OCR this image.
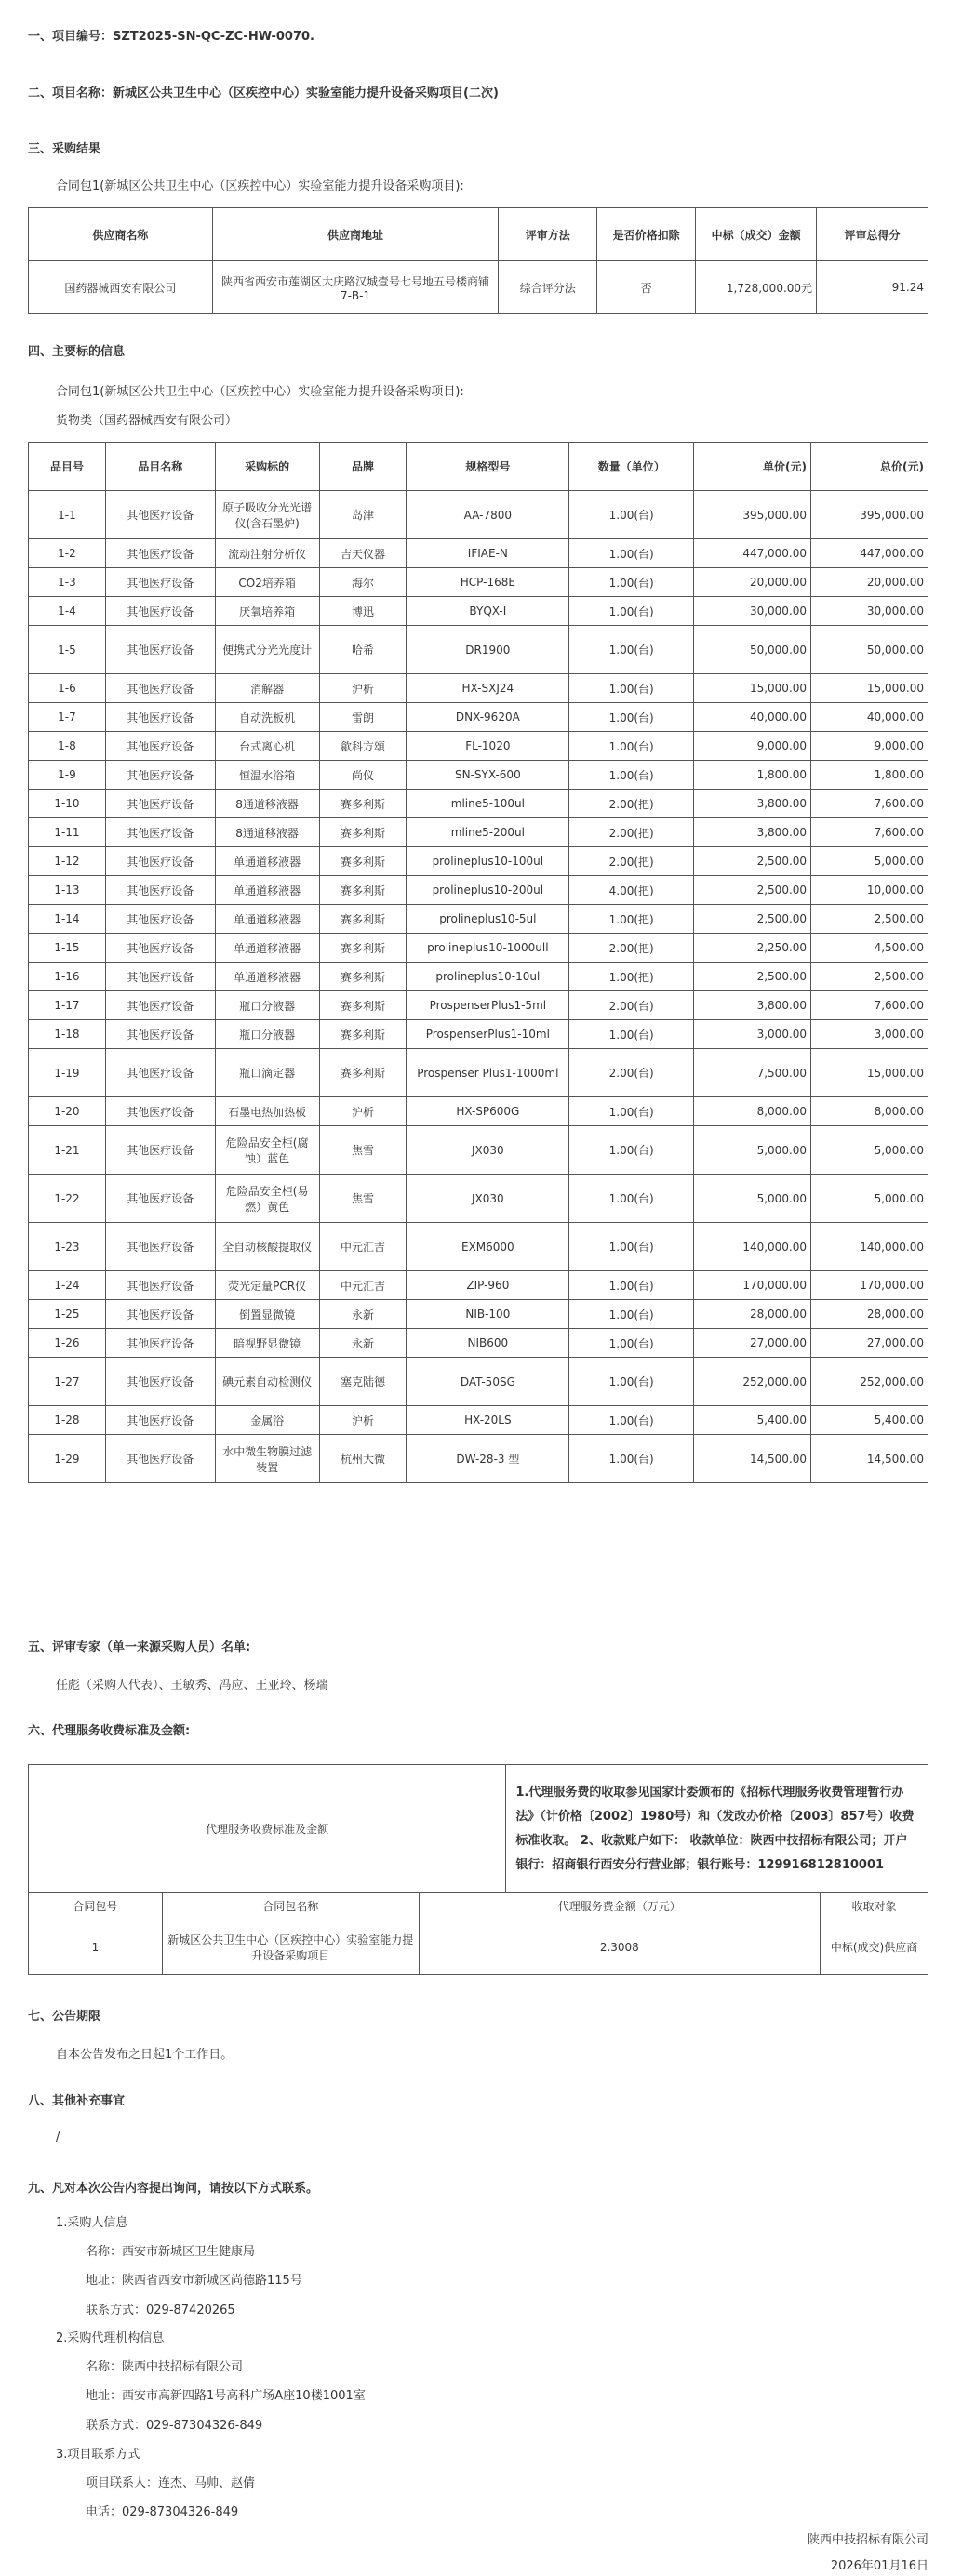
一、项目编号：SZT2025-SN-QC-ZC-HW-0070.
二、项目名称：新城区公共卫生中心（区疾控中心）实验室能力提升设备采购项目(二次)
三、采购结果
合同包1(新城区公共卫生中心（区疾控中心）实验室能力提升设备采购项目):
供应商名称	供应商地址	评审方法	是否价格扣除	中标（成交）金额	评审总得分
国药器械西安有限公司	陕西省西安市莲湖区大庆路汉城壹号七号地五号楼商铺7-B-1	综合评分法	否	1,728,000.00元	91.24
四、主要标的信息
合同包1(新城区公共卫生中心（区疾控中心）实验室能力提升设备采购项目):
货物类（国药器械西安有限公司）
品目号	品目名称	采购标的	品牌	规格型号	数量（单位）	单价(元)	总价(元)
1-1	其他医疗设备	原子吸收分光光谱仪(含石墨炉)	岛津	AA-7800	1.00(台)	395,000.00	395,000.00
1-2	其他医疗设备	流动注射分析仪	吉天仪器	IFIAE-N	1.00(台)	447,000.00	447,000.00
1-3	其他医疗设备	CO2培养箱	海尔	HCP-168E	1.00(台)	20,000.00	20,000.00
1-4	其他医疗设备	厌氧培养箱	博迅	BYQX-I	1.00(台)	30,000.00	30,000.00
1-5	其他医疗设备	便携式分光光度计	哈希	DR1900	1.00(台)	50,000.00	50,000.00
1-6	其他医疗设备	消解器	沪析	HX-SXJ24	1.00(台)	15,000.00	15,000.00
1-7	其他医疗设备	自动洗板机	雷朗	DNX-9620A	1.00(台)	40,000.00	40,000.00
1-8	其他医疗设备	台式离心机	歙科方頌	FL-1020	1.00(台)	9,000.00	9,000.00
1-9	其他医疗设备	恒温水浴箱	尚仪	SN-SYX-600	1.00(台)	1,800.00	1,800.00
1-10	其他医疗设备	8通道移液器	赛多利斯	mline5-100ul	2.00(把)	3,800.00	7,600.00
1-11	其他医疗设备	8通道移液器	赛多利斯	mline5-200ul	2.00(把)	3,800.00	7,600.00
1-12	其他医疗设备	单通道移液器	赛多利斯	prolineplus10-100ul	2.00(把)	2,500.00	5,000.00
1-13	其他医疗设备	单通道移液器	赛多利斯	prolineplus10-200ul	4.00(把)	2,500.00	10,000.00
1-14	其他医疗设备	单通道移液器	赛多利斯	prolineplus10-5ul	1.00(把)	2,500.00	2,500.00
1-15	其他医疗设备	单通道移液器	赛多利斯	prolineplus10-1000ull	2.00(把)	2,250.00	4,500.00
1-16	其他医疗设备	单通道移液器	赛多利斯	prolineplus10-10ul	1.00(把)	2,500.00	2,500.00
1-17	其他医疗设备	瓶口分液器	赛多利斯	ProspenserPlus1-5ml	2.00(台)	3,800.00	7,600.00
1-18	其他医疗设备	瓶口分液器	赛多利斯	ProspenserPlus1-10ml	1.00(台)	3,000.00	3,000.00
1-19	其他医疗设备	瓶口滴定器	赛多利斯	Prospenser Plus1-1000ml	2.00(台)	7,500.00	15,000.00
1-20	其他医疗设备	石墨电热加热板	沪析	HX-SP600G	1.00(台)	8,000.00	8,000.00
1-21	其他医疗设备	危险品安全柜(腐蚀）蓝色	焦雪	JX030	1.00(台)	5,000.00	5,000.00
1-22	其他医疗设备	危险品安全柜(易燃）黄色	焦雪	JX030	1.00(台)	5,000.00	5,000.00
1-23	其他医疗设备	全自动核酸提取仪	中元汇吉	EXM6000	1.00(台)	140,000.00	140,000.00
1-24	其他医疗设备	荧光定量PCR仪	中元汇吉	ZIP-960	1.00(台)	170,000.00	170,000.00
1-25	其他医疗设备	倒置显微镜	永新	NIB-100	1.00(台)	28,000.00	28,000.00
1-26	其他医疗设备	暗视野显微镜	永新	NIB600	1.00(台)	27,000.00	27,000.00
1-27	其他医疗设备	碘元素自动检测仪	塞克陆德	DAT-50SG	1.00(台)	252,000.00	252,000.00
1-28	其他医疗设备	金属浴	沪析	HX-20LS	1.00(台)	5,400.00	5,400.00
1-29	其他医疗设备	水中微生物膜过滤装置	杭州大微	DW-28-3 型	1.00(台)	14,500.00	14,500.00
五、评审专家（单一来源采购人员）名单:
任彪（采购人代表）、王敏秀、冯应、王亚玲、杨瑞
六、代理服务收费标准及金额:
代理服务收费标准及金额	1.代理服务费的收取参见国家计委颁布的《招标代理服务收费管理暂行办法》（计价格〔2002〕1980号）和（发改办价格〔2003〕857号）收费标准收取。 2、收款账户如下： 收款单位：陕西中技招标有限公司；开户银行：招商银行西安分行营业部；银行账号：129916812810001
合同包号	合同包名称	代理服务费金额（万元）	收取对象
1	新城区公共卫生中心（区疾控中心）实验室能力提升设备采购项目	2.3008	中标(成交)供应商
七、公告期限
自本公告发布之日起1个工作日。
八、其他补充事宜
/
九、凡对本次公告内容提出询问，请按以下方式联系。
1.采购人信息
名称：西安市新城区卫生健康局
地址：陕西省西安市新城区尚德路115号
联系方式：029-87420265
2.采购代理机构信息
名称：陕西中技招标有限公司
地址：西安市高新四路1号高科广场A座10楼1001室
联系方式：029-87304326-849
3.项目联系方式
项目联系人：连杰、马帅、赵倩
电话：029-87304326-849
陕西中技招标有限公司
2026年01月16日
